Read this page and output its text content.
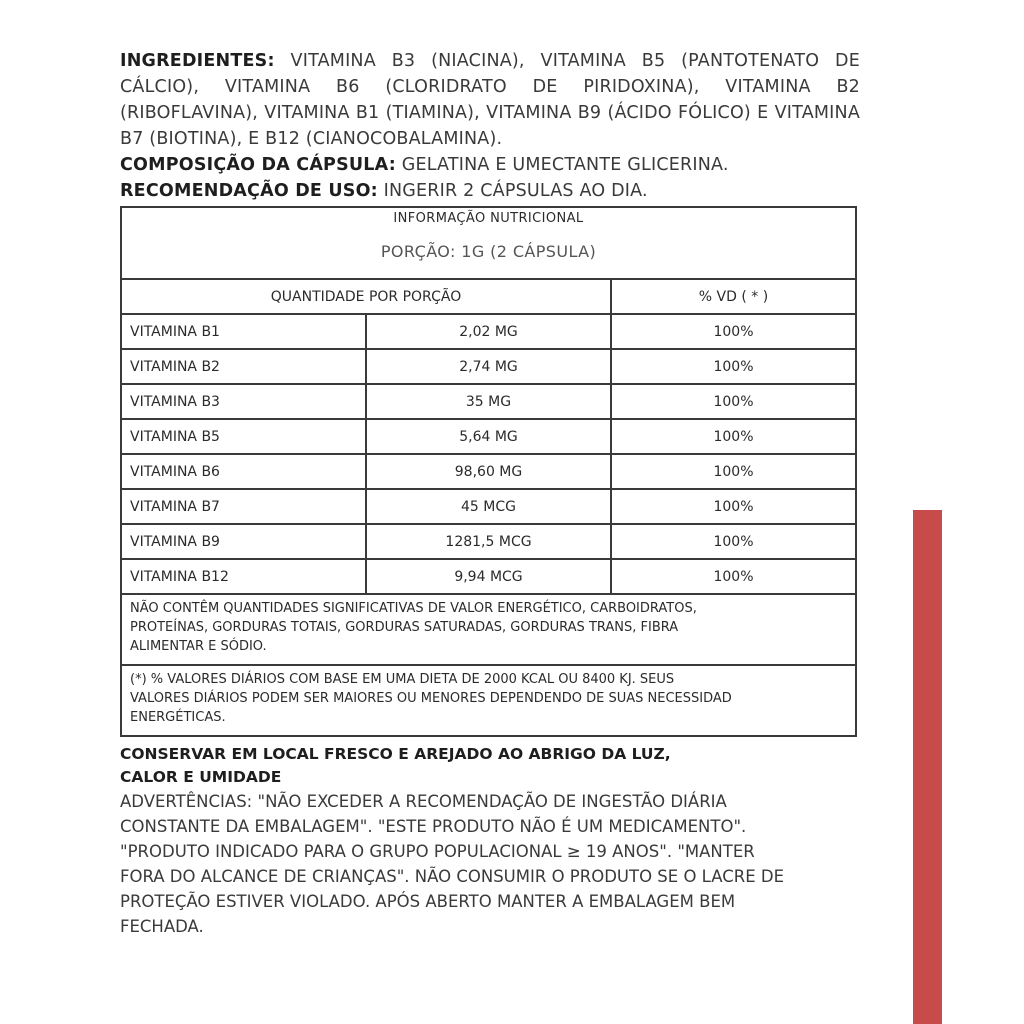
INGREDIENTES: VITAMINA B3 (NIACINA), VITAMINA B5 (PANTOTENATO DE CÁLCIO), VITAMINA B6 (CLORIDRATO DE PIRIDOXINA), VITAMINA B2 (RIBOFLAVINA), VITAMINA B1 (TIAMINA), VITAMINA B9 (ÁCIDO FÓLICO) E VITAMINA B7 (BIOTINA), E B12 (CIANOCOBALAMINA).
COMPOSIÇÃO DA CÁPSULA: GELATINA E UMECTANTE GLICERINA.
RECOMENDAÇÃO DE USO: INGERIR 2 CÁPSULAS AO DIA.
INFORMAÇÃO NUTRICIONAL
PORÇÃO: 1G (2 CÁPSULA)		

QUANTIDADE POR PORÇÃO		% VD ( * )
VITAMINA B1	2,02 MG	100%
VITAMINA B2	2,74 MG	100%
VITAMINA B3	35 MG	100%
VITAMINA B5	5,64 MG	100%
VITAMINA B6	98,60 MG	100%
VITAMINA B7	45 MCG	100%
VITAMINA B9	1281,5 MCG	100%
VITAMINA B12	9,94 MCG	100%

NÃO CONTÊM QUANTIDADES SIGNIFICATIVAS DE VALOR ENERGÉTICO, CARBOIDRATOS,
PROTEÍNAS, GORDURAS TOTAIS, GORDURAS SATURADAS, GORDURAS TRANS, FIBRA
ALIMENTAR E SÓDIO.		

(*) % VALORES DIÁRIOS COM BASE EM UMA DIETA DE 2000 KCAL OU 8400 KJ. SEUS
VALORES DIÁRIOS PODEM SER MAIORES OU MENORES DEPENDENDO DE SUAS NECESSIDAD
ENERGÉTICAS.		
CONSERVAR EM LOCAL FRESCO E AREJADO AO ABRIGO DA LUZ,
CALOR E UMIDADE
ADVERTÊNCIAS: "NÃO EXCEDER A RECOMENDAÇÃO DE INGESTÃO DIÁRIA
CONSTANTE DA EMBALAGEM". "ESTE PRODUTO NÃO É UM MEDICAMENTO".
"PRODUTO INDICADO PARA O GRUPO POPULACIONAL ≥ 19 ANOS". "MANTER
FORA DO ALCANCE DE CRIANÇAS". NÃO CONSUMIR O PRODUTO SE O LACRE DE
PROTEÇÃO ESTIVER VIOLADO. APÓS ABERTO MANTER A EMBALAGEM BEM
FECHADA.
